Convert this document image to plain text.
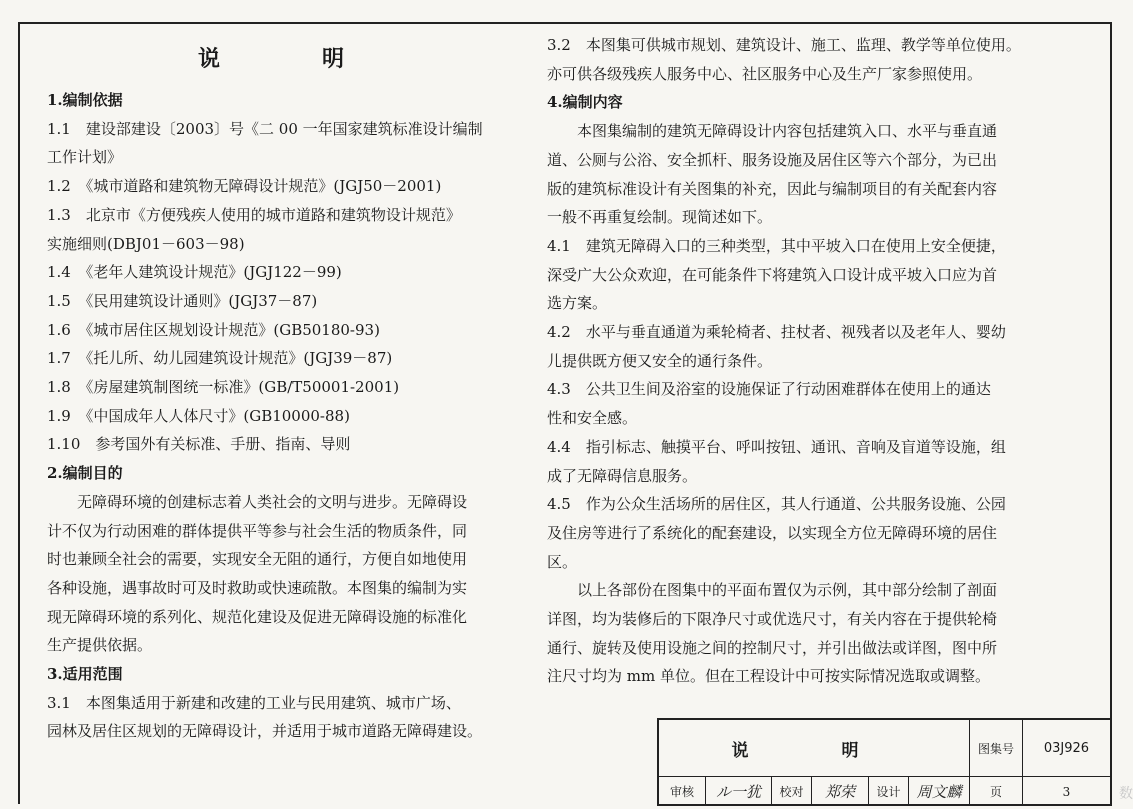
说　明
1.编制依据
1.1　建设部建设〔2003〕号《二 00 一年国家建筑标准设计编制
工作计划》
1.2　《城市道路和建筑物无障碍设计规范》(JGJ50－2001)
1.3　北京市《方便残疾人使用的城市道路和建筑物设计规范》
实施细则(DBJ01－603－98)
1.4　《老年人建筑设计规范》(JGJ122－99)
1.5　《民用建筑设计通则》(JGJ37－87)
1.6　《城市居住区规划设计规范》(GB50180-93)
1.7　《托儿所、幼儿园建筑设计规范》(JGJ39－87)
1.8　《房屋建筑制图统一标准》(GB/T50001-2001)
1.9　《中国成年人人体尺寸》(GB10000-88)
1.10　参考国外有关标准、手册、指南、导则
2.编制目的
无障碍环境的创建标志着人类社会的文明与进步。无障碍设
计不仅为行动困难的群体提供平等参与社会生活的物质条件，同
时也兼顾全社会的需要，实现安全无阻的通行，方便自如地使用
各种设施，遇事故时可及时救助或快速疏散。本图集的编制为实
现无障碍环境的系列化、规范化建设及促进无障碍设施的标准化
生产提供依据。
3.适用范围
3.1　本图集适用于新建和改建的工业与民用建筑、城市广场、
园林及居住区规划的无障碍设计，并适用于城市道路无障碍建设。
3.2　本图集可供城市规划、建筑设计、施工、监理、教学等单位使用。
亦可供各级残疾人服务中心、社区服务中心及生产厂家参照使用。
4.编制内容
本图集编制的建筑无障碍设计内容包括建筑入口、水平与垂直通
道、公厕与公浴、安全抓杆、服务设施及居住区等六个部分，为已出
版的建筑标准设计有关图集的补充，因此与编制项目的有关配套内容
一般不再重复绘制。现简述如下。
4.1　建筑无障碍入口的三种类型，其中平坡入口在使用上安全便捷，
深受广大公众欢迎，在可能条件下将建筑入口设计成平坡入口应为首
选方案。
4.2　水平与垂直通道为乘轮椅者、拄杖者、视残者以及老年人、婴幼
儿提供既方便又安全的通行条件。
4.3　公共卫生间及浴室的设施保证了行动困难群体在使用上的通达
性和安全感。
4.4　指引标志、触摸平台、呼叫按钮、通讯、音响及盲道等设施，组
成了无障碍信息服务。
4.5　作为公众生活场所的居住区，其人行通道、公共服务设施、公园
及住房等进行了系统化的配套建设，以实现全方位无障碍环境的居住
区。
以上各部份在图集中的平面布置仅为示例，其中部分绘制了剖面
详图，均为装修后的下限净尺寸或优选尺寸，有关内容在于提供轮椅
通行、旋转及使用设施之间的控制尺寸，并引出做法或详图，图中所
注尺寸均为 mm 单位。但在工程设计中可按实际情况选取或调整。
说　明	图集号	03J926
审核	ル一犹	校对	郑荣	设计	周文麟	页	3	数
